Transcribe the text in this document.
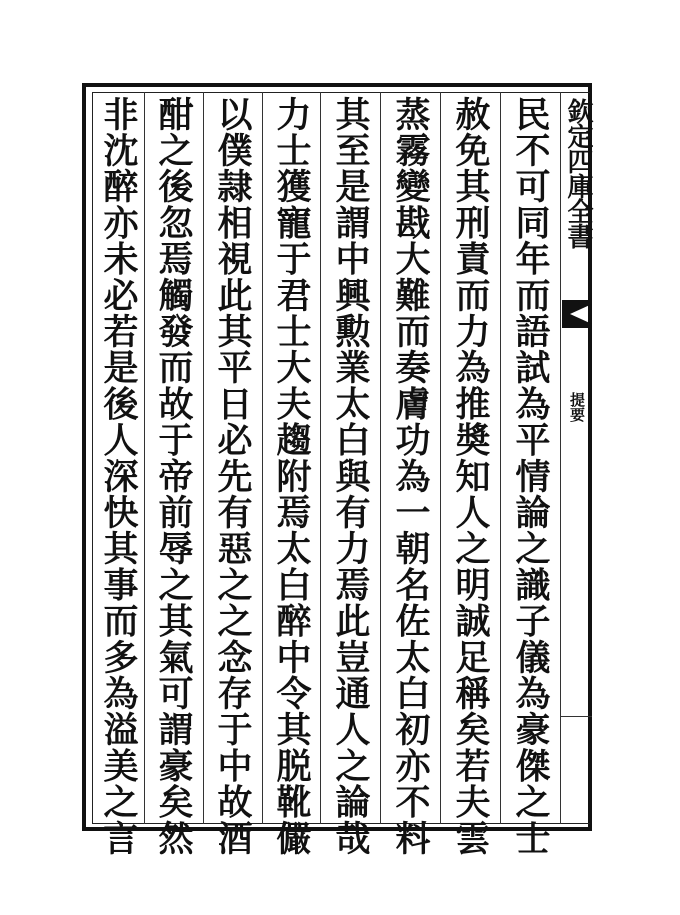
欽定四庫全書
提要
民不可同年而語試為平情論之識子儀為豪傑之士
赦免其刑責而力為推奬知人之明誠足稱矣若夫雲
蒸霧變戡大難而奏膚功為一朝名佐太白初亦不料
其至是謂中興勲業太白與有力焉此豈通人之論哉
力士獲寵于君士大夫趨附焉太白醉中令其脱靴儼
以僕隷相視此其平日必先有惡之之念存于中故酒
酣之後忽焉觸發而故于帝前辱之其氣可謂豪矣然
非沈醉亦未必若是後人深快其事而多為溢美之言
